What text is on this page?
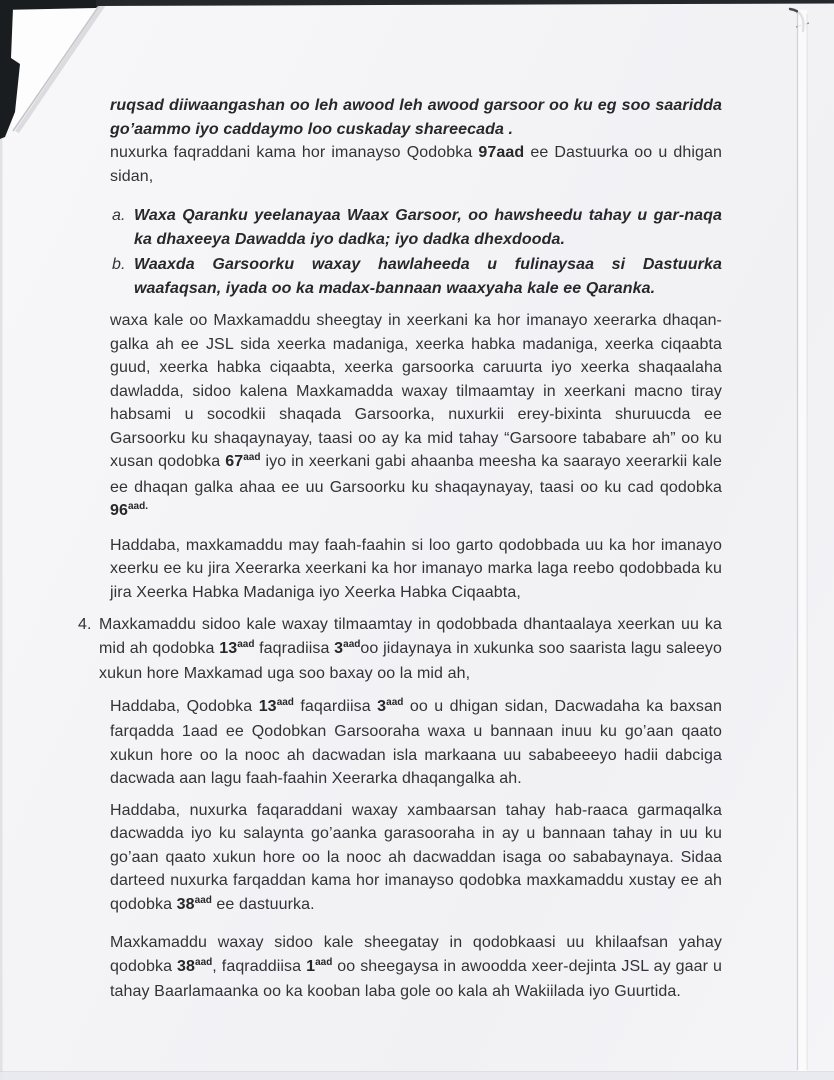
ruqsad diiwaangashan oo leh awood leh awood garsoor oo ku eg soo saaridda go’aammo iyo caddaymo loo cuskaday shareecada .

nuxurka faqraddani kama hor imanayso Qodobka 97aad ee Dastuurka oo u dhigan sidan,

a. Waxa Qaranku yeelanayaa Waax Garsoor, oo hawsheedu tahay u gar-naqa ka dhaxeeya Dawadda iyo dadka; iyo dadka dhexdooda.
b. Waaxda Garsoorku waxay hawlaheeda u fulinaysaa si Dastuurka waafaqsan, iyada oo ka madax-bannaan waaxyaha kale ee Qaranka.

waxa kale oo Maxkamaddu sheegtay in xeerkani ka hor imanayo xeerarka dhaqan-galka ah ee JSL sida xeerka madaniga, xeerka habka madaniga, xeerka ciqaabta guud, xeerka habka ciqaabta, xeerka garsoorka caruurta iyo xeerka shaqaalaha dawladda, sidoo kalena Maxkamadda waxay tilmaamtay in xeerkani macno tiray habsami u socodkii shaqada Garsoorka, nuxurkii erey-bixinta shuruucda ee Garsoorku ku shaqaynayay, taasi oo ay ka mid tahay “Garsoore tababare ah” oo ku xusan qodobka $67^{aad}$ iyo in xeerkani gabi ahaanba meesha ka saarayo xeerarkii kale ee dhaqan galka ahaa ee uu Garsoorku ku shaqaynayay, taasi oo ku cad qodobka $96^{aad.}$

Haddaba, maxkamaddu may faah-faahin si loo garto qodobbada uu ka hor imanayo xeerku ee ku jira Xeerarka xeerkani ka hor imanayo marka laga reebo qodobbada ku jira Xeerka Habka Madaniga iyo Xeerka Habka Ciqaabta,

4. Maxkamaddu sidoo kale waxay tilmaamtay in qodobbada dhantaalaya xeerkan uu ka mid ah qodobka $13^{aad}$ faqradiisa $3^{aad}oo$ jidaynaya in xukunka soo saarista lagu saleeyo xukun hore Maxkamad uga soo baxay oo la mid ah,

Haddaba, Qodobka $13^{aad}$ faqardiisa $3^{aad}$ oo u dhigan sidan, Dacwadaha ka baxsan farqadda 1aad ee Qodobkan Garsooraha waxa u bannaan inuu ku go’aan qaato xukun hore oo la nooc ah dacwadan isla markaana uu sababeeeyo hadii dabciga dacwada aan lagu faah-faahin Xeerarka dhaqangalka ah.

Haddaba, nuxurka faqaraddani waxay xambaarsan tahay hab-raaca garmaqalka dacwadda iyo ku salaynta go’aanka garasooraha in ay u bannaan tahay in uu ku go’aan qaato xukun hore oo la nooc ah dacwaddan isaga oo sababaynaya. Sidaa darteed nuxurka farqaddan kama hor imanayso qodobka maxkamaddu xustay ee ah qodobka $38^{aad}$ ee dastuurka.

Maxkamaddu waxay sidoo kale sheegatay in qodobkaasi uu khilaafsan yahay qodobka $38^{aad}$, faqraddiisa $1^{aad}$ oo sheegaysa in awoodda xeer-dejinta JSL ay gaar u tahay Baarlamaanka oo ka kooban laba gole oo kala ah Wakiilada iyo Guurtida.
